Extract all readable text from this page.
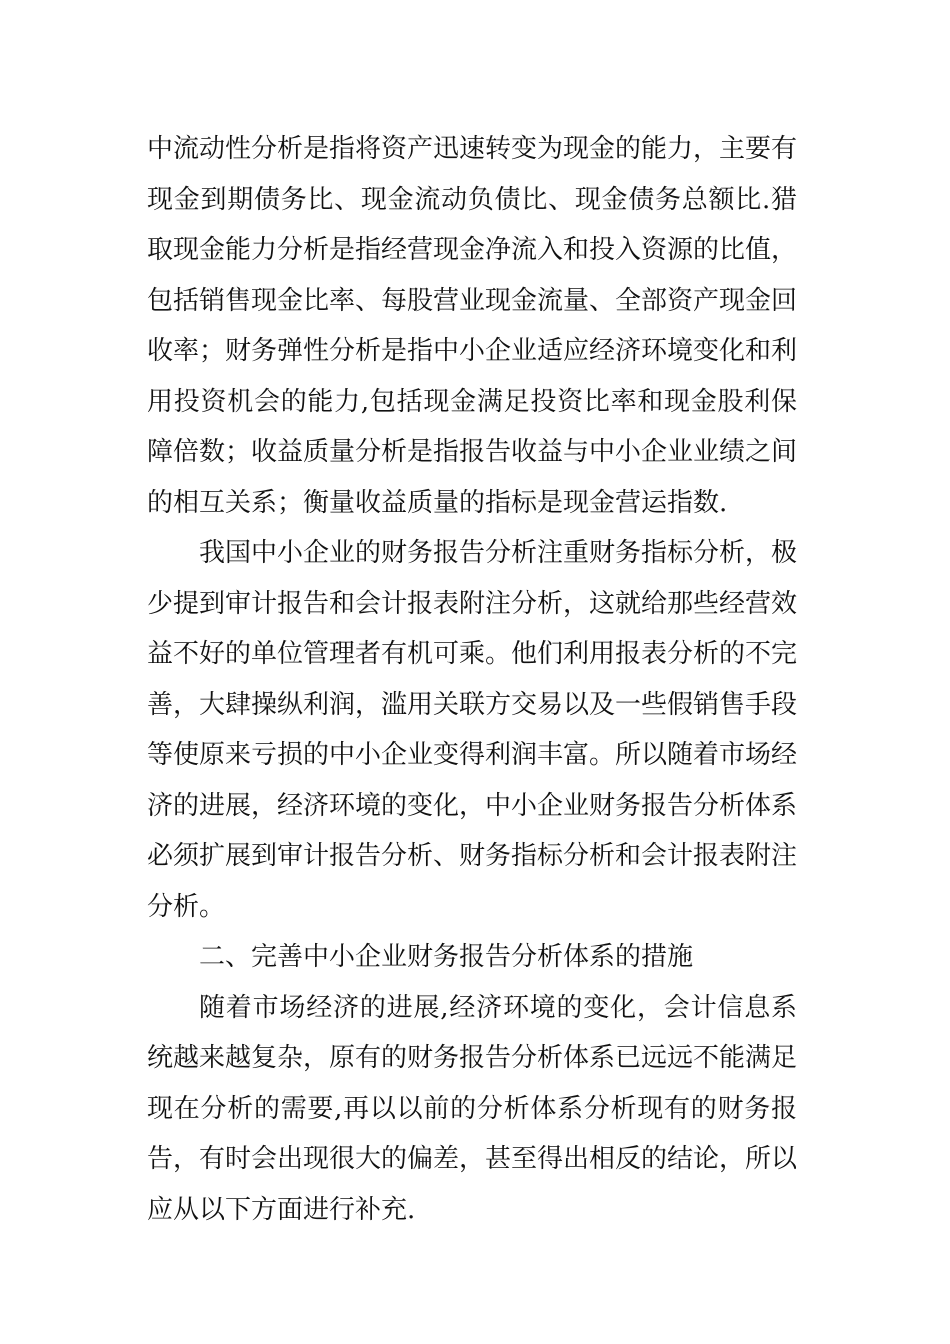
中流动性分析是指将资产迅速转变为现金的能力，主要有现金到期债务比、现金流动负债比、现金债务总额比.猎取现金能力分析是指经营现金净流入和投入资源的比值，包括销售现金比率、每股营业现金流量、全部资产现金回收率；财务弹性分析是指中小企业适应经济环境变化和利用投资机会的能力,包括现金满足投资比率和现金股利保障倍数；收益质量分析是指报告收益与中小企业业绩之间的相互关系；衡量收益质量的指标是现金营运指数.

我国中小企业的财务报告分析注重财务指标分析，极少提到审计报告和会计报表附注分析，这就给那些经营效益不好的单位管理者有机可乘。他们利用报表分析的不完善，大肆操纵利润，滥用关联方交易以及一些假销售手段等使原来亏损的中小企业变得利润丰富。所以随着市场经济的进展，经济环境的变化，中小企业财务报告分析体系必须扩展到审计报告分析、财务指标分析和会计报表附注分析。

二、完善中小企业财务报告分析体系的措施

随着市场经济的进展,经济环境的变化，会计信息系统越来越复杂，原有的财务报告分析体系已远远不能满足现在分析的需要,再以以前的分析体系分析现有的财务报告，有时会出现很大的偏差，甚至得出相反的结论，所以应从以下方面进行补充.
